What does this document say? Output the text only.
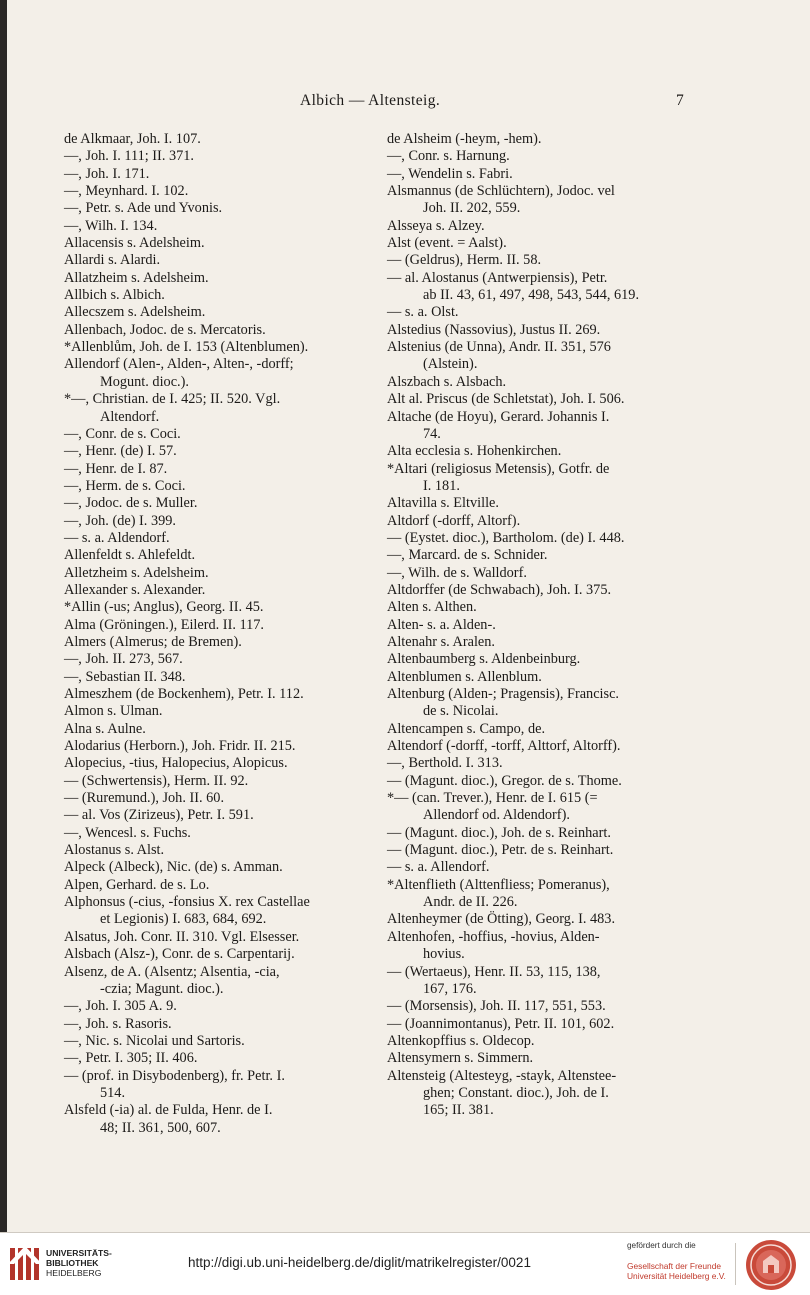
Albich — Altensteig.	7
de Alkmaar, Joh. I. 107.
—, Joh. I. 111; II. 371.
—, Joh. I. 171.
—, Meynhard. I. 102.
—, Petr. s. Ade und Yvonis.
—, Wilh. I. 134.
Allacensis s. Adelsheim.
Allardi s. Alardi.
Allatzheim s. Adelsheim.
Allbich s. Albich.
Allecszem s. Adelsheim.
Allenbach, Jodoc. de s. Mercatoris.
*Allenblům, Joh. de I. 153 (Altenblumen).
Allendorf (Alen-, Alden-, Alten-, -dorff;
Mogunt. dioc.).
*—, Christian. de I. 425; II. 520. Vgl.
Altendorf.
—, Conr. de s. Coci.
—, Henr. (de) I. 57.
—, Henr. de I. 87.
—, Herm. de s. Coci.
—, Jodoc. de s. Muller.
—, Joh. (de) I. 399.
— s. a. Aldendorf.
Allenfeldt s. Ahlefeldt.
Alletzheim s. Adelsheim.
Allexander s. Alexander.
*Allin (-us; Anglus), Georg. II. 45.
Alma (Gröningen.), Eilerd. II. 117.
Almers (Almerus; de Bremen).
—, Joh. II. 273, 567.
—, Sebastian II. 348.
Almeszhem (de Bockenhem), Petr. I. 112.
Almon s. Ulman.
Alna s. Aulne.
Alodarius (Herborn.), Joh. Fridr. II. 215.
Alopecius, -tius, Halopecius, Alopicus.
— (Schwertensis), Herm. II. 92.
— (Ruremund.), Joh. II. 60.
— al. Vos (Zirizeus), Petr. I. 591.
—, Wencesl. s. Fuchs.
Alostanus s. Alst.
Alpeck (Albeck), Nic. (de) s. Amman.
Alpen, Gerhard. de s. Lo.
Alphonsus (-cius, -fonsius X. rex Castellae
et Legionis) I. 683, 684, 692.
Alsatus, Joh. Conr. II. 310. Vgl. Elsesser.
Alsbach (Alsz-), Conr. de s. Carpentarij.
Alsenz, de A. (Alsentz; Alsentia, -cia,
-czia; Magunt. dioc.).
—, Joh. I. 305 A. 9.
—, Joh. s. Rasoris.
—, Nic. s. Nicolai und Sartoris.
—, Petr. I. 305; II. 406.
— (prof. in Disybodenberg), fr. Petr. I.
514.
Alsfeld (-ia) al. de Fulda, Henr. de I.
48; II. 361, 500, 607.
de Alsheim (-heym, -hem).
—, Conr. s. Harnung.
—, Wendelin s. Fabri.
Alsmannus (de Schlüchtern), Jodoc. vel
Joh. II. 202, 559.
Alsseya s. Alzey.
Alst (event. = Aalst).
— (Geldrus), Herm. II. 58.
— al. Alostanus (Antwerpiensis), Petr.
ab II. 43, 61, 497, 498, 543, 544, 619.
— s. a. Olst.
Alstedius (Nassovius), Justus II. 269.
Alstenius (de Unna), Andr. II. 351, 576
(Alstein).
Alszbach s. Alsbach.
Alt al. Priscus (de Schletstat), Joh. I. 506.
Altache (de Hoyu), Gerard. Johannis I.
74.
Alta ecclesia s. Hohenkirchen.
*Altari (religiosus Metensis), Gotfr. de
I. 181.
Altavilla s. Eltville.
Altdorf (-dorff, Altorf).
— (Eystet. dioc.), Bartholom. (de) I. 448.
—, Marcard. de s. Schnider.
—, Wilh. de s. Walldorf.
Altdorffer (de Schwabach), Joh. I. 375.
Alten s. Althen.
Alten- s. a. Alden-.
Altenahr s. Aralen.
Altenbaumberg s. Aldenbeinburg.
Altenblumen s. Allenblum.
Altenburg (Alden-; Pragensis), Francisc.
de s. Nicolai.
Altencampen s. Campo, de.
Altendorf (-dorff, -torff, Alttorf, Altorff).
—, Berthold. I. 313.
— (Magunt. dioc.), Gregor. de s. Thome.
*— (can. Trever.), Henr. de I. 615 (=
Allendorf od. Aldendorf).
— (Magunt. dioc.), Joh. de s. Reinhart.
— (Magunt. dioc.), Petr. de s. Reinhart.
— s. a. Allendorf.
*Altenflieth (Alttenfliess; Pomeranus),
Andr. de II. 226.
Altenheymer (de Ötting), Georg. I. 483.
Altenhofen, -hoffius, -hovius, Alden-
hovius.
— (Wertaeus), Henr. II. 53, 115, 138,
167, 176.
— (Morsensis), Joh. II. 117, 551, 553.
— (Joannimontanus), Petr. II. 101, 602.
Altenkopffius s. Oldecop.
Altensymern s. Simmern.
Altensteig (Altesteyg, -stayk, Altenstee-
ghen; Constant. dioc.), Joh. de I.
165; II. 381.
UNIVERSITÄTS-
BIBLIOTHEK
HEIDELBERG
http://digi.ub.uni-heidelberg.de/diglit/matrikelregister/0021
gefördert durch die
Gesellschaft der Freunde
Universität Heidelberg e.V.
